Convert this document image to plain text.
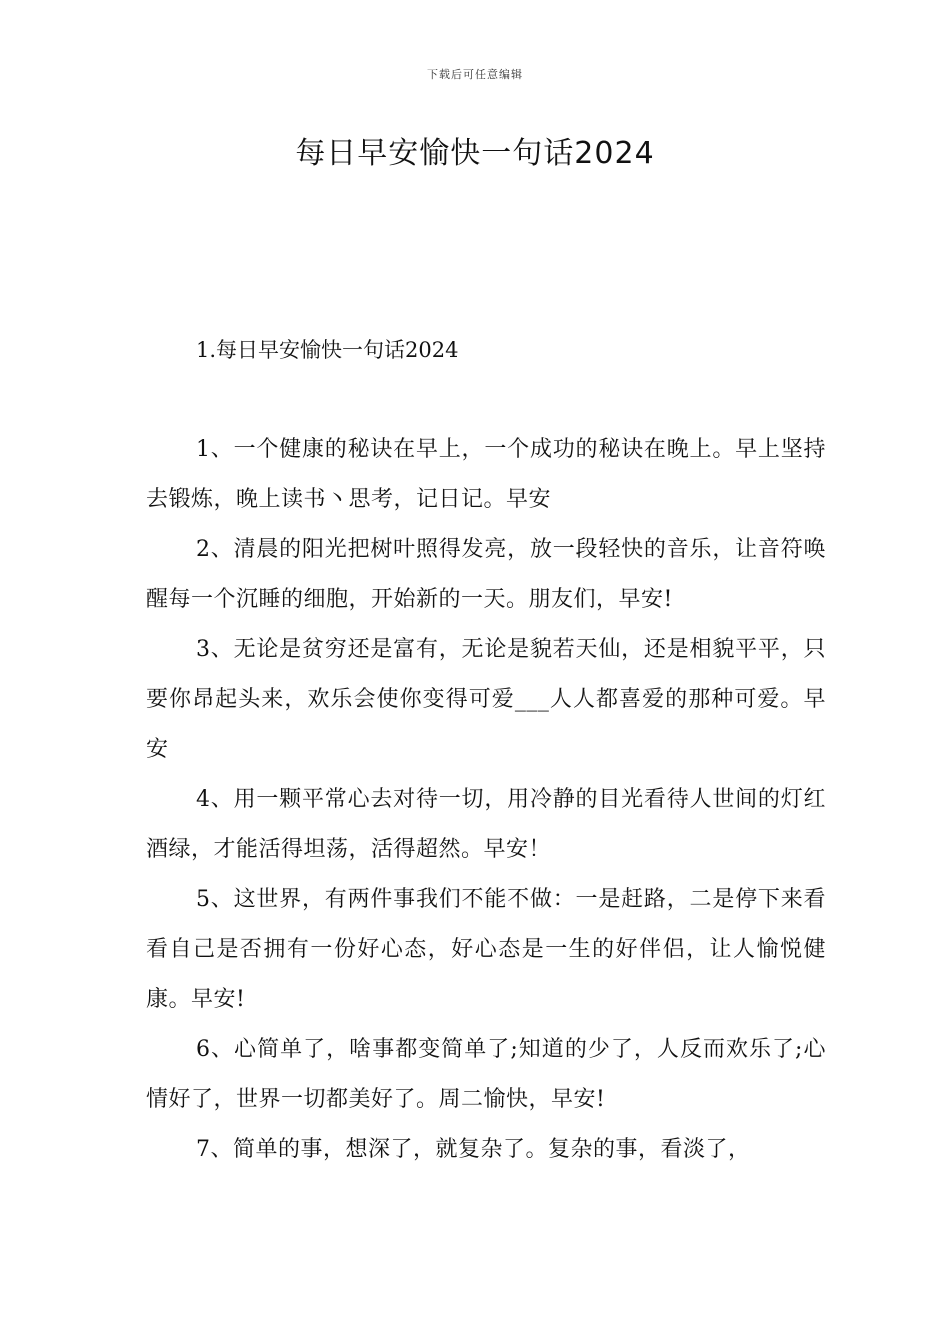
下载后可任意编辑
每日早安愉快一句话2024
1.每日早安愉快一句话2024

1、一个健康的秘诀在早上，一个成功的秘诀在晚上。早上坚持去锻炼，晚上读书丶思考，记日记。早安

2、清晨的阳光把树叶照得发亮，放一段轻快的音乐，让音符唤醒每一个沉睡的细胞，开始新的一天。朋友们，早安!

3、无论是贫穷还是富有，无论是貌若天仙，还是相貌平平，只要你昂起头来，欢乐会使你变得可爱___人人都喜爱的那种可爱。早安

4、用一颗平常心去对待一切，用冷静的目光看待人世间的灯红酒绿，才能活得坦荡，活得超然。早安！

5、这世界，有两件事我们不能不做：一是赶路，二是停下来看看自己是否拥有一份好心态，好心态是一生的好伴侣，让人愉悦健康。早安!

6、心简单了，啥事都变简单了;知道的少了，人反而欢乐了;心情好了，世界一切都美好了。周二愉快，早安!

7、简单的事，想深了，就复杂了。复杂的事，看淡了，
